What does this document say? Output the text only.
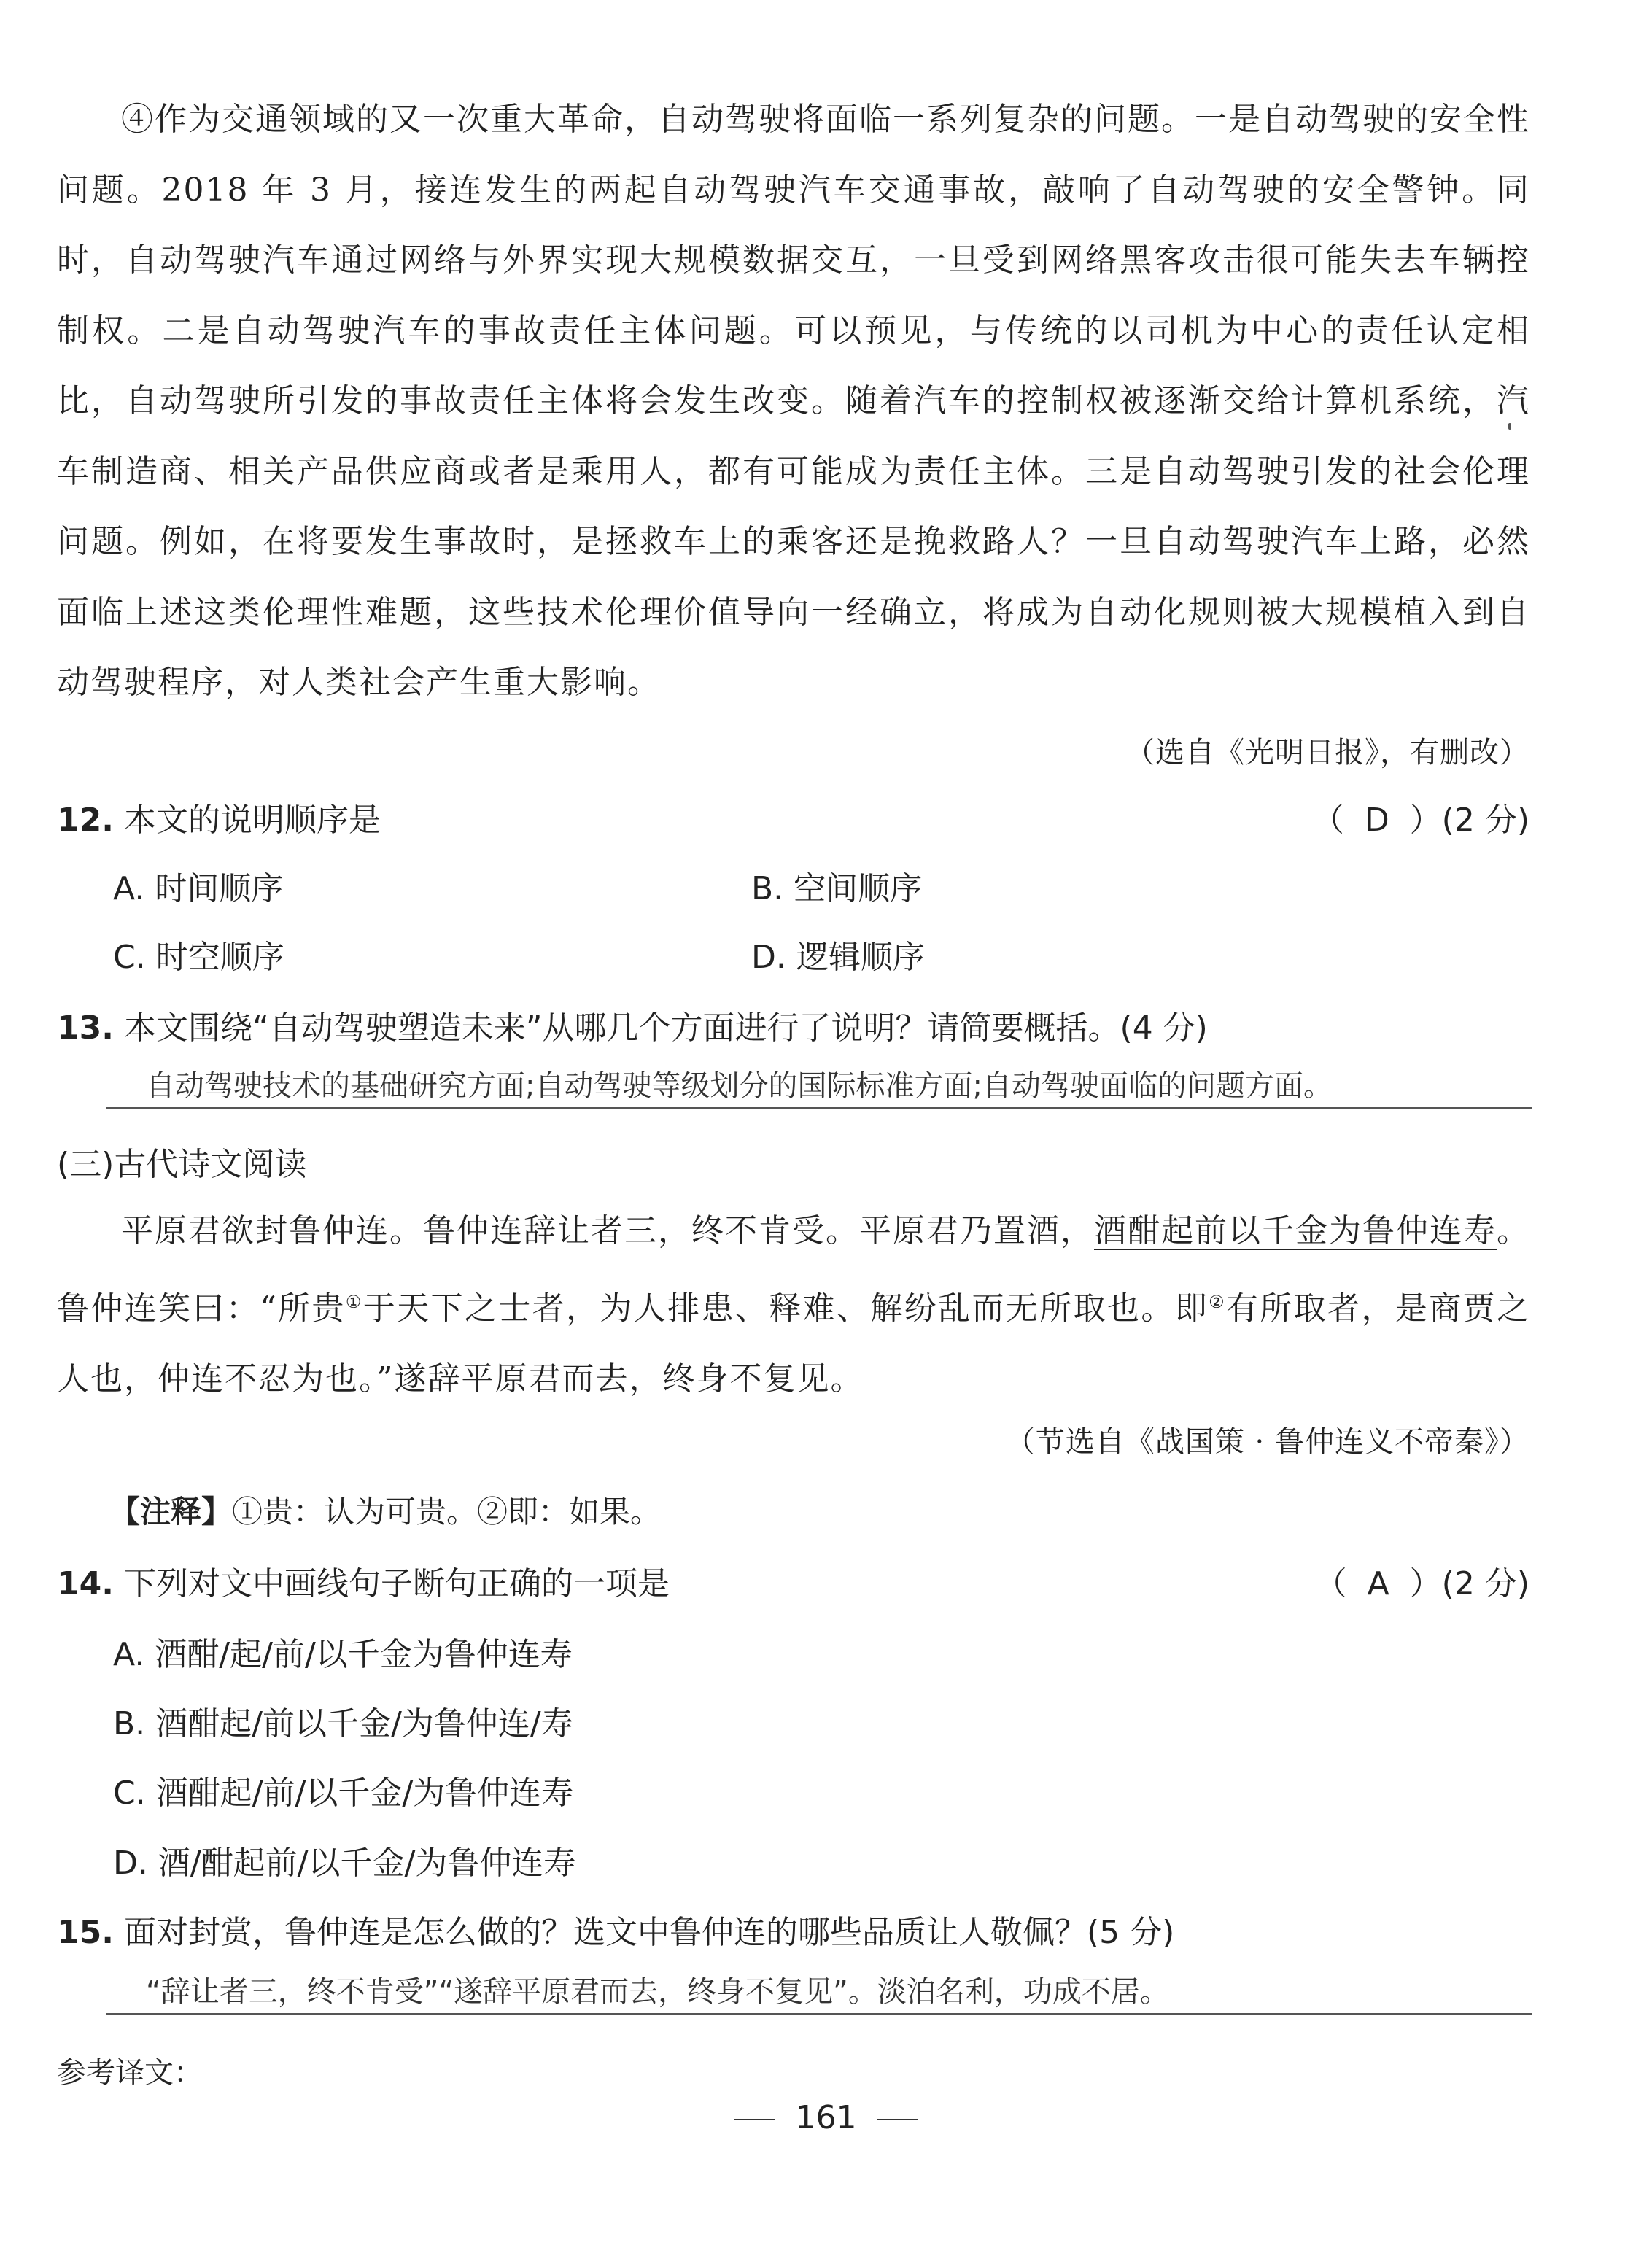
④作为交通领域的又一次重大革命，自动驾驶将面临一系列复杂的问题。一是自动驾驶的安全性问题。2018 年 3 月，接连发生的两起自动驾驶汽车交通事故，敲响了自动驾驶的安全警钟。同时，自动驾驶汽车通过网络与外界实现大规模数据交互，一旦受到网络黑客攻击很可能失去车辆控制权。二是自动驾驶汽车的事故责任主体问题。可以预见，与传统的以司机为中心的责任认定相比，自动驾驶所引发的事故责任主体将会发生改变。随着汽车的控制权被逐渐交给计算机系统，汽车制造商、相关产品供应商或者是乘用人，都有可能成为责任主体。三是自动驾驶引发的社会伦理问题。例如，在将要发生事故时，是拯救车上的乘客还是挽救路人？一旦自动驾驶汽车上路，必然面临上述这类伦理性难题，这些技术伦理价值导向一经确立，将成为自动化规则被大规模植入到自动驾驶程序，对人类社会产生重大影响。

（选自《光明日报》，有删改）
12. 本文的说明顺序是	（  D  ）(2 分)
A. 时间顺序	B. 空间顺序
C. 时空顺序	D. 逻辑顺序
13. 本文围绕“自动驾驶塑造未来”从哪几个方面进行了说明？请简要概括。(4 分)
自动驾驶技术的基础研究方面;自动驾驶等级划分的国际标准方面;自动驾驶面临的问题方面。
(三)古代诗文阅读

平原君欲封鲁仲连。鲁仲连辞让者三，终不肯受。平原君乃置酒，酒酣起前以千金为鲁仲连寿。鲁仲连笑曰：“所贵①于天下之士者，为人排患、释难、解纷乱而无所取也。即②有所取者，是商贾之人也，仲连不忍为也。”遂辞平原君而去，终身不复见。

（节选自《战国策 · 鲁仲连义不帝秦》）
【注释】①贵：认为可贵。②即：如果。
14. 下列对文中画线句子断句正确的一项是	（  A  ）(2 分)
A. 酒酣/起/前/以千金为鲁仲连寿
B. 酒酣起/前以千金/为鲁仲连/寿
C. 酒酣起/前/以千金/为鲁仲连寿
D. 酒/酣起前/以千金/为鲁仲连寿
15. 面对封赏，鲁仲连是怎么做的？选文中鲁仲连的哪些品质让人敬佩？(5 分)
“辞让者三，终不肯受”“遂辞平原君而去，终身不复见”。淡泊名利，功成不居。
参考译文：
161
